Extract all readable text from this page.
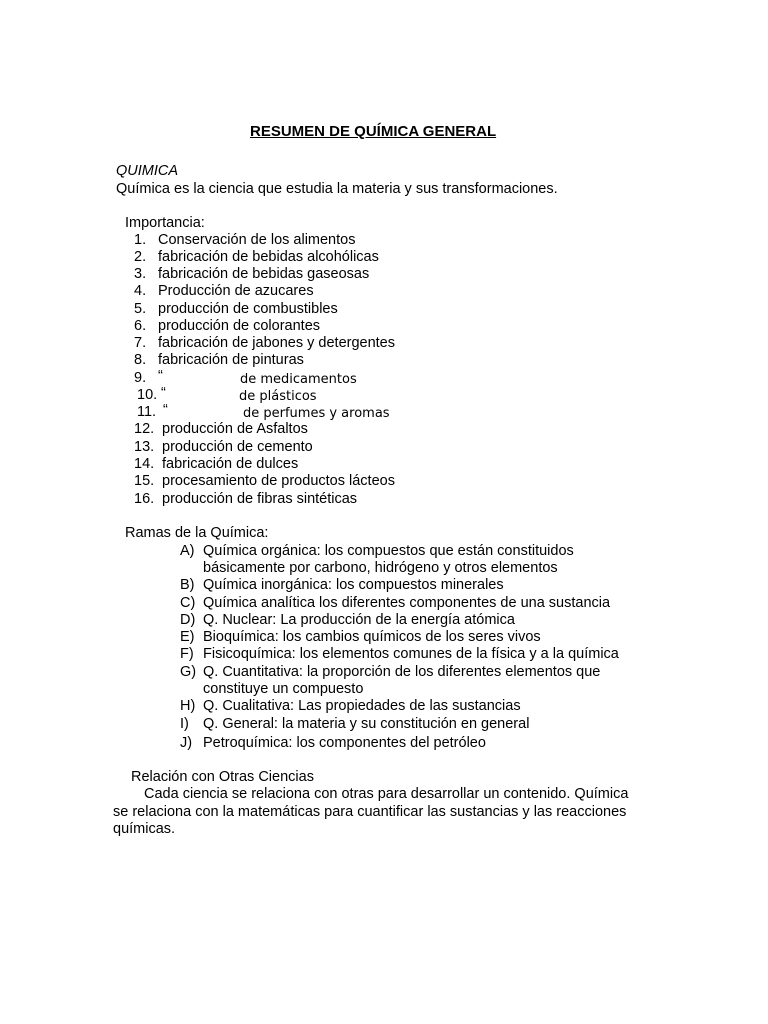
RESUMEN DE QUÍMICA GENERAL
QUIMICA
Química es la ciencia que estudia la materia y sus transformaciones.
Importancia:
1. Conservación de los alimentos
2. fabricación de bebidas alcohólicas
3. fabricación de bebidas gaseosas
4. Producción de azucares
5. producción de combustibles
6. producción de colorantes
7. fabricación de jabones y detergentes
8. fabricación de pinturas
9. “	de medicamentos
10. “	de plásticos
11. “	de perfumes y aromas
12. producción de Asfaltos
13. producción de cemento
14. fabricación de dulces
15. procesamiento de productos lácteos
16. producción de fibras sintéticas
Ramas de la Química:
A) Química orgánica: los compuestos que están constituidos
básicamente por carbono, hidrógeno y otros elementos
B) Química inorgánica: los compuestos minerales
C) Química analítica los diferentes componentes de una sustancia
D) Q. Nuclear: La producción de la energía atómica
E) Bioquímica: los cambios químicos de los seres vivos
F) Fisicoquímica: los elementos comunes de la física y a la química
G) Q. Cuantitativa: la proporción de los diferentes elementos que
constituye un compuesto
H) Q. Cualitativa: Las propiedades de las sustancias
I) Q. General: la materia y su constitución en general
J) Petroquímica: los componentes del petróleo
Relación con Otras Ciencias
Cada ciencia se relaciona con otras para desarrollar un contenido. Química
se relaciona con la matemáticas para cuantificar las sustancias y las reacciones
químicas.
